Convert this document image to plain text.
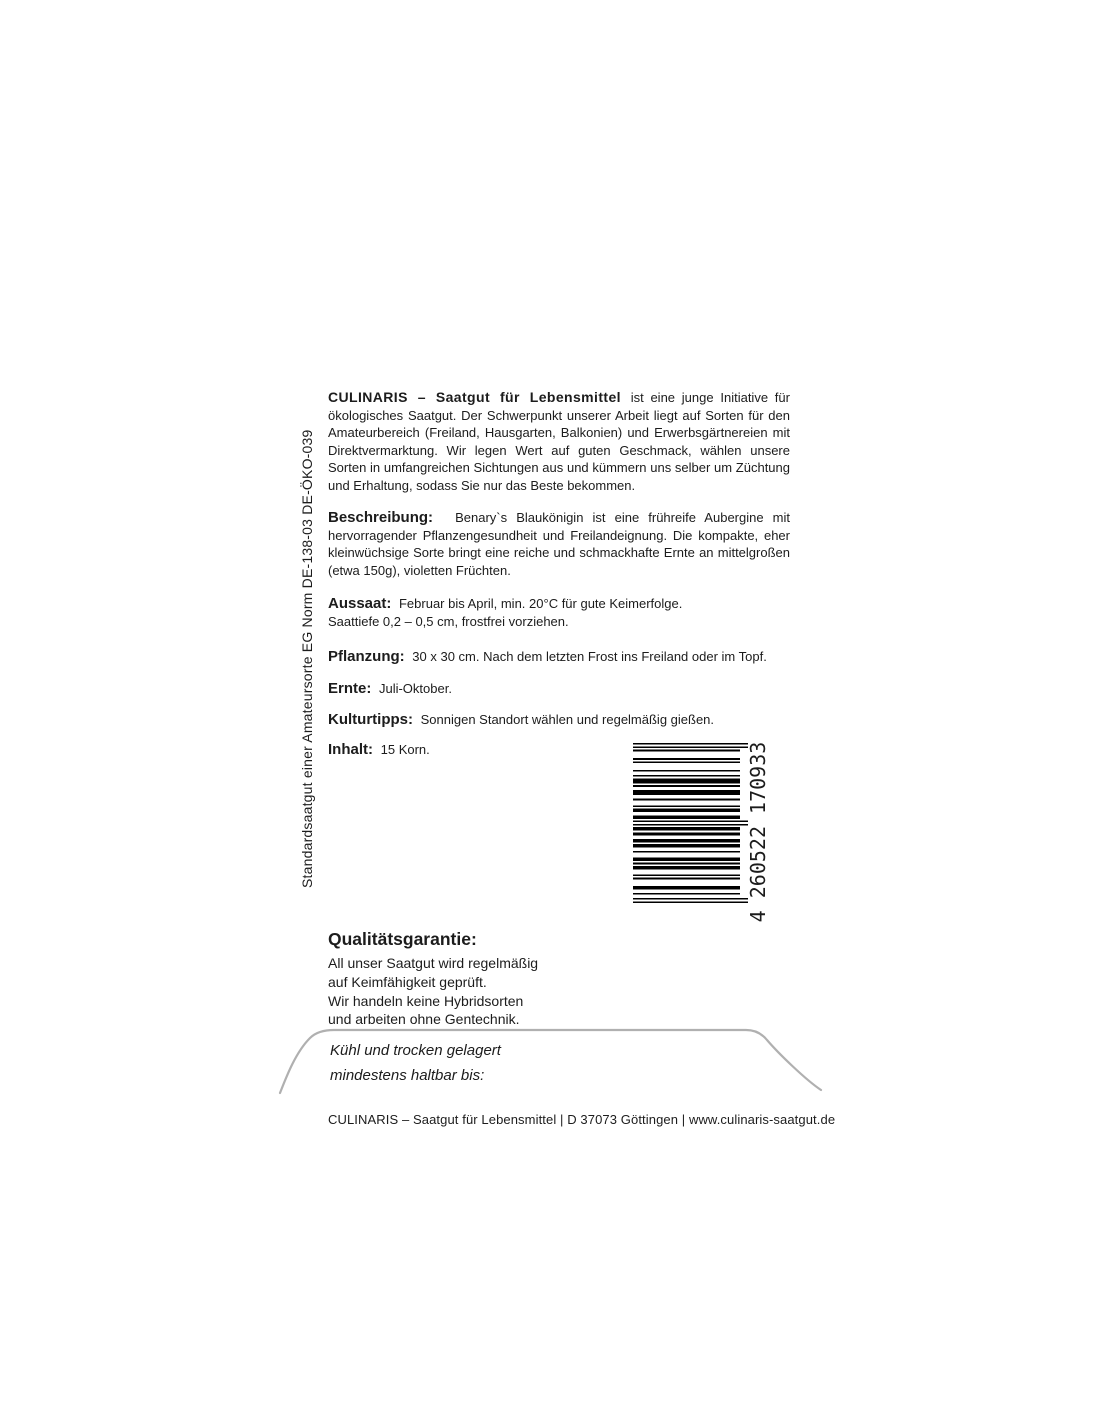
Standardsaatgut einer Amateursorte EG Norm DE-138-03 DE-ÖKO-039

CULINARIS – Saatgut für Lebensmittel ist eine junge Initiative für ökologisches Saatgut. Der Schwerpunkt unserer Arbeit liegt auf Sorten für den Amateurbereich (Freiland, Hausgarten, Balkonien) und Erwerbsgärtnereien mit Direktvermarktung. Wir legen Wert auf guten Geschmack, wählen unsere Sorten in umfangreichen Sichtungen aus und kümmern uns selber um Züchtung und Erhaltung, sodass Sie nur das Beste bekommen.

Beschreibung: Benary`s Blaukönigin ist eine frühreife Aubergine mit hervorragender Pflanzengesundheit und Freilandeignung. Die kompakte, eher kleinwüchsige Sorte bringt eine reiche und schmackhafte Ernte an mittelgroßen (etwa 150g), violetten Früchten.

Aussaat: Februar bis April, min. 20°C für gute Keimerfolge.
Saattiefe 0,2 – 0,5 cm, frostfrei vorziehen.

Pflanzung: 30 x 30 cm. Nach dem letzten Frost ins Freiland oder im Topf.

Ernte: Juli-Oktober.

Kulturtipps: Sonnigen Standort wählen und regelmäßig gießen.

Inhalt: 15 Korn.	4 260522 170933
Qualitätsgarantie:
All unser Saatgut wird regelmäßig
auf Keimfähigkeit geprüft.
Wir handeln keine Hybridsorten
und arbeiten ohne Gentechnik.
Kühl und trocken gelagert
mindestens haltbar bis:
CULINARIS – Saatgut für Lebensmittel | D 37073 Göttingen | www.culinaris-saatgut.de
